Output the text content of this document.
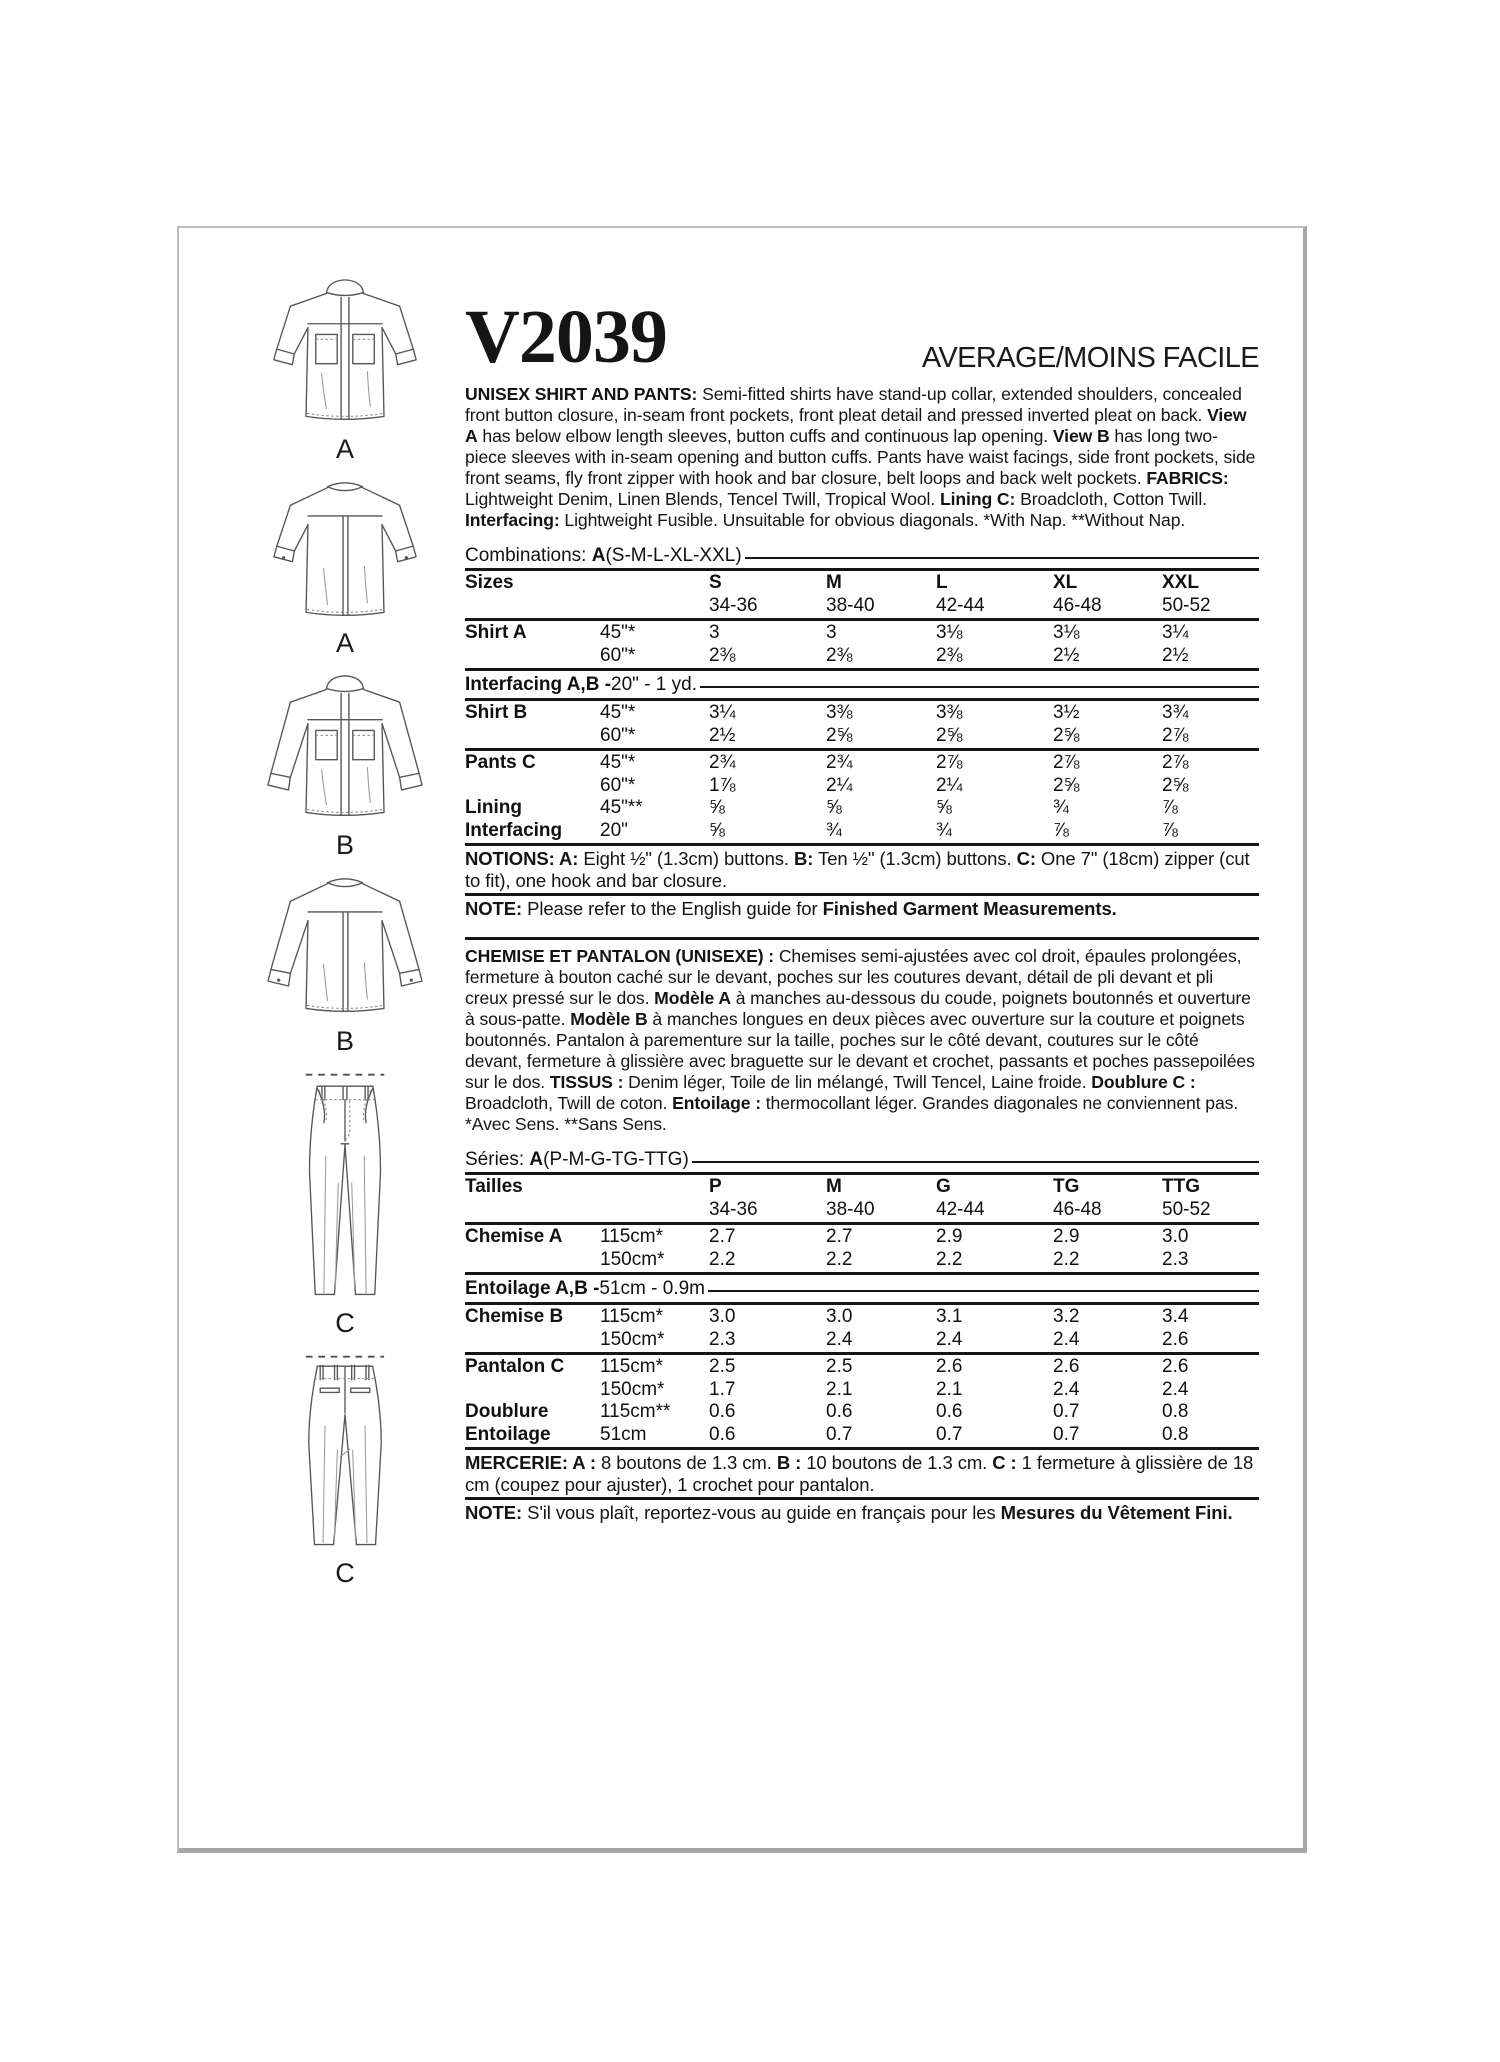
A
A
B
B
C
C
V2039	AVERAGE/MOINS FACILE
UNISEX SHIRT AND PANTS: Semi-fitted shirts have stand-up collar, extended shoulders, concealed front button closure, in-seam front pockets, front pleat detail and pressed inverted pleat on back. View A has below elbow length sleeves, button cuffs and continuous lap opening. View B has long two-piece sleeves with in-seam opening and button cuffs. Pants have waist facings, side front pockets, side front seams, fly front zipper with hook and bar closure, belt loops and back welt pockets. FABRICS: Lightweight Denim, Linen Blends, Tencel Twill, Tropical Wool. Lining C: Broadcloth, Cotton Twill. Interfacing: Lightweight Fusible. Unsuitable for obvious diagonals. *With Nap. **Without Nap.
Combinations: A(S-M-L-XL-XXL)
Sizes	S	M	L	XL	XXL
34-36	38-40	42-44	46-48	50-52
Shirt A	45"*	3	3	3⅛	3⅛	3¼
60"*	2⅜	2⅜	2⅜	2½	2½
Interfacing A,B - 20" - 1 yd.
Shirt B	45"*	3¼	3⅜	3⅜	3½	3¾
60"*	2½	2⅝	2⅝	2⅝	2⅞
Pants C	45"*	2¾	2¾	2⅞	2⅞	2⅞
60"*	1⅞	2¼	2¼	2⅝	2⅝
Lining	45"**	⅝	⅝	⅝	¾	⅞
Interfacing	20"	⅝	¾	¾	⅞	⅞
NOTIONS: A: Eight ½" (1.3cm) buttons. B: Ten ½" (1.3cm) buttons. C: One 7" (18cm) zipper (cut to fit), one hook and bar closure.
NOTE: Please refer to the English guide for Finished Garment Measurements.
CHEMISE ET PANTALON (UNISEXE) : Chemises semi-ajustées avec col droit, épaules prolongées, fermeture à bouton caché sur le devant, poches sur les coutures devant, détail de pli devant et pli creux pressé sur le dos. Modèle A à manches au-dessous du coude, poignets boutonnés et ouverture à sous-patte. Modèle B à manches longues en deux pièces avec ouverture sur la couture et poignets boutonnés. Pantalon à parementure sur la taille, poches sur le côté devant, coutures sur le côté devant, fermeture à glissière avec braguette sur le devant et crochet, passants et poches passepoilées sur le dos. TISSUS : Denim léger, Toile de lin mélangé, Twill Tencel, Laine froide. Doublure C : Broadcloth, Twill de coton. Entoilage : thermocollant léger. Grandes diagonales ne conviennent pas. *Avec Sens. **Sans Sens.
Séries: A(P-M-G-TG-TTG)
Tailles	P	M	G	TG	TTG
34-36	38-40	42-44	46-48	50-52
Chemise A	115cm*	2.7	2.7	2.9	2.9	3.0
150cm*	2.2	2.2	2.2	2.2	2.3
Entoilage A,B - 51cm - 0.9m
Chemise B	115cm*	3.0	3.0	3.1	3.2	3.4
150cm*	2.3	2.4	2.4	2.4	2.6
Pantalon C	115cm*	2.5	2.5	2.6	2.6	2.6
150cm*	1.7	2.1	2.1	2.4	2.4
Doublure	115cm**	0.6	0.6	0.6	0.7	0.8
Entoilage	51cm	0.6	0.7	0.7	0.7	0.8
MERCERIE: A : 8 boutons de 1.3 cm. B : 10 boutons de 1.3 cm. C : 1 fermeture à glissière de 18 cm (coupez pour ajuster), 1 crochet pour pantalon.
NOTE: S'il vous plaît, reportez-vous au guide en français pour les Mesures du Vêtement Fini.
